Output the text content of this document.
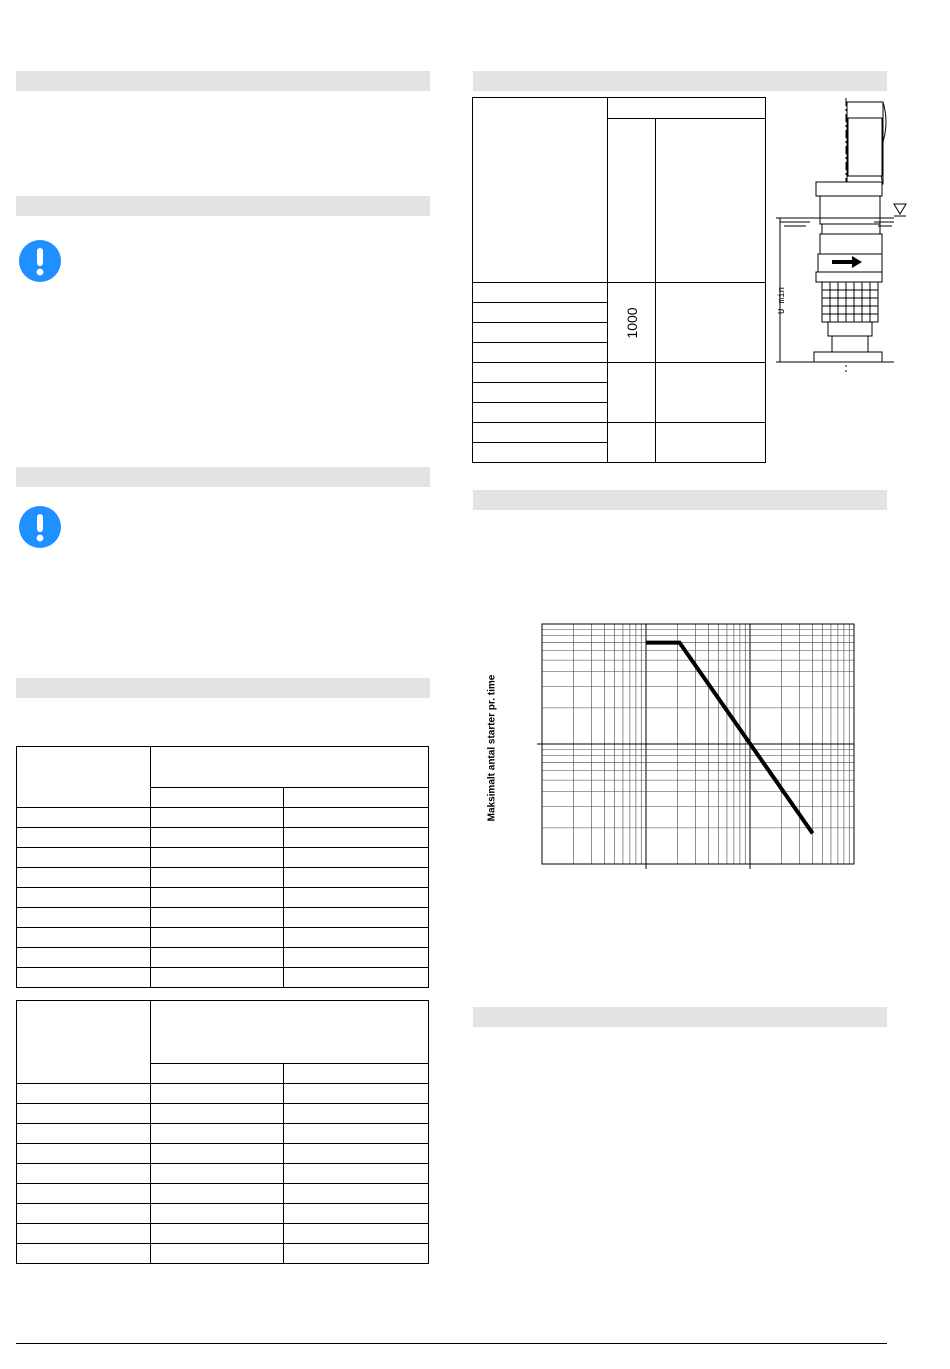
	1000	

U min
Maksimalt antal starter pr. time
